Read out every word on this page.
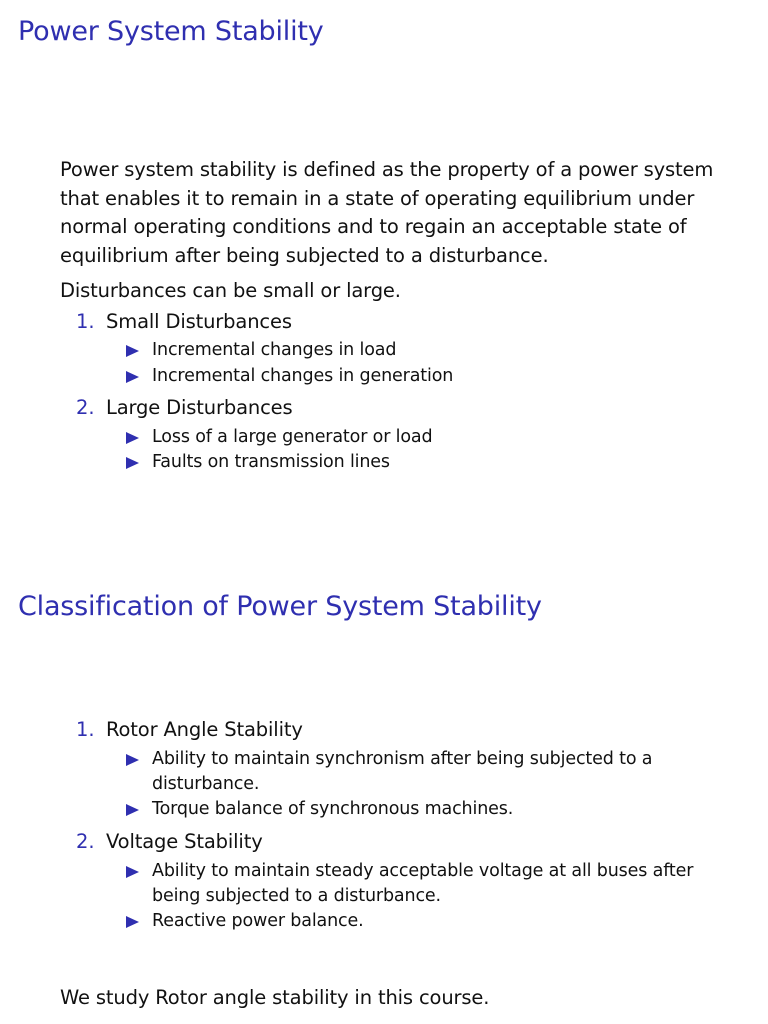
Power System Stability

Power system stability is defined as the property of a power system that enables it to remain in a state of operating equilibrium under normal operating conditions and to regain an acceptable state of equilibrium after being subjected to a disturbance.

Disturbances can be small or large.

1. Small Disturbances
Incremental changes in load
Incremental changes in generation
2. Large Disturbances
Loss of a large generator or load
Faults on transmission lines
Classification of Power System Stability
1. Rotor Angle Stability
Ability to maintain synchronism after being subjected to a disturbance.
Torque balance of synchronous machines.
2. Voltage Stability
Ability to maintain steady acceptable voltage at all buses after being subjected to a disturbance.
Reactive power balance.

We study Rotor angle stability in this course.
